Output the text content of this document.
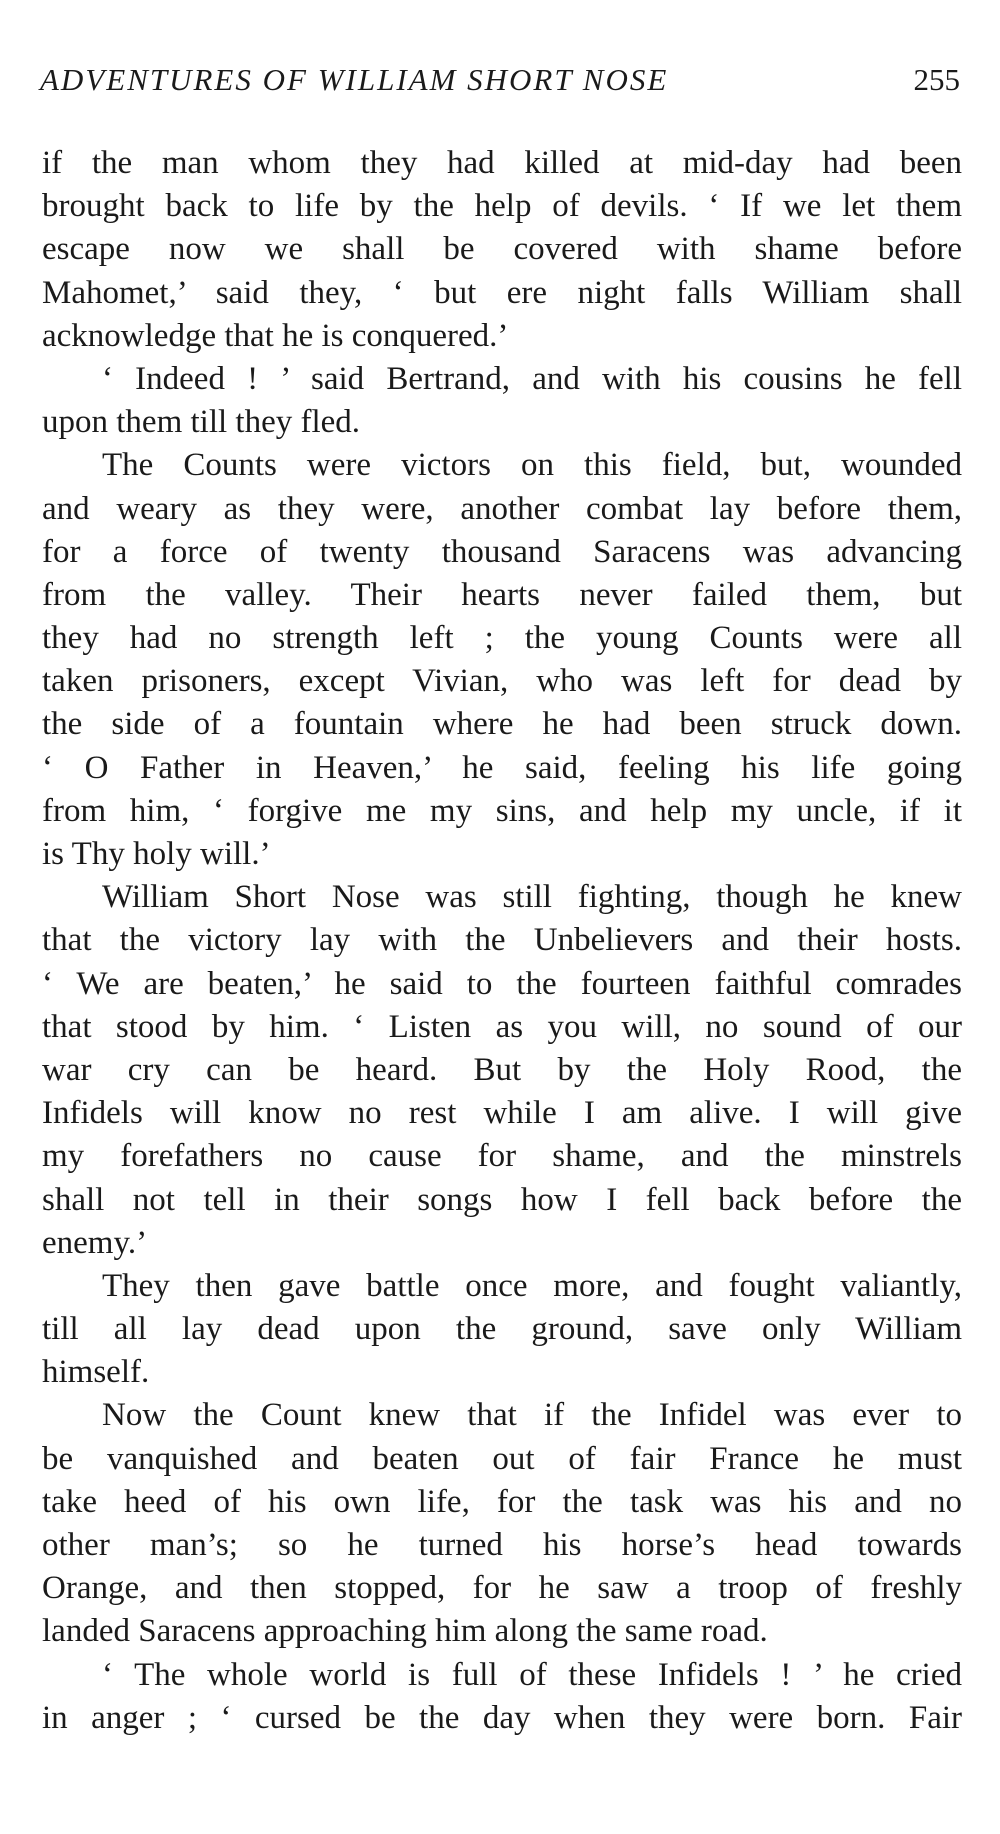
ADVENTURES OF WILLIAM SHORT NOSE	255
if the man whom they had killed at mid-day had been
brought back to life by the help of devils. ‘ If we let them
escape now we shall be covered with shame before
Mahomet,’ said they, ‘ but ere night falls William shall
acknowledge that he is conquered.’
‘ Indeed ! ’ said Bertrand, and with his cousins he fell
upon them till they fled.
The Counts were victors on this field, but, wounded
and weary as they were, another combat lay before them,
for a force of twenty thousand Saracens was advancing
from the valley. Their hearts never failed them, but
they had no strength left ; the young Counts were all
taken prisoners, except Vivian, who was left for dead by
the side of a fountain where he had been struck down.
‘ O Father in Heaven,’ he said, feeling his life going
from him, ‘ forgive me my sins, and help my uncle, if it
is Thy holy will.’
William Short Nose was still fighting, though he knew
that the victory lay with the Unbelievers and their hosts.
‘ We are beaten,’ he said to the fourteen faithful comrades
that stood by him. ‘ Listen as you will, no sound of our
war cry can be heard. But by the Holy Rood, the
Infidels will know no rest while I am alive. I will give
my forefathers no cause for shame, and the minstrels
shall not tell in their songs how I fell back before the
enemy.’
They then gave battle once more, and fought valiantly,
till all lay dead upon the ground, save only William
himself.
Now the Count knew that if the Infidel was ever to
be vanquished and beaten out of fair France he must
take heed of his own life, for the task was his and no
other man’s; so he turned his horse’s head towards
Orange, and then stopped, for he saw a troop of freshly
landed Saracens approaching him along the same road.
‘ The whole world is full of these Infidels ! ’ he cried
in anger ; ‘ cursed be the day when they were born. Fair
